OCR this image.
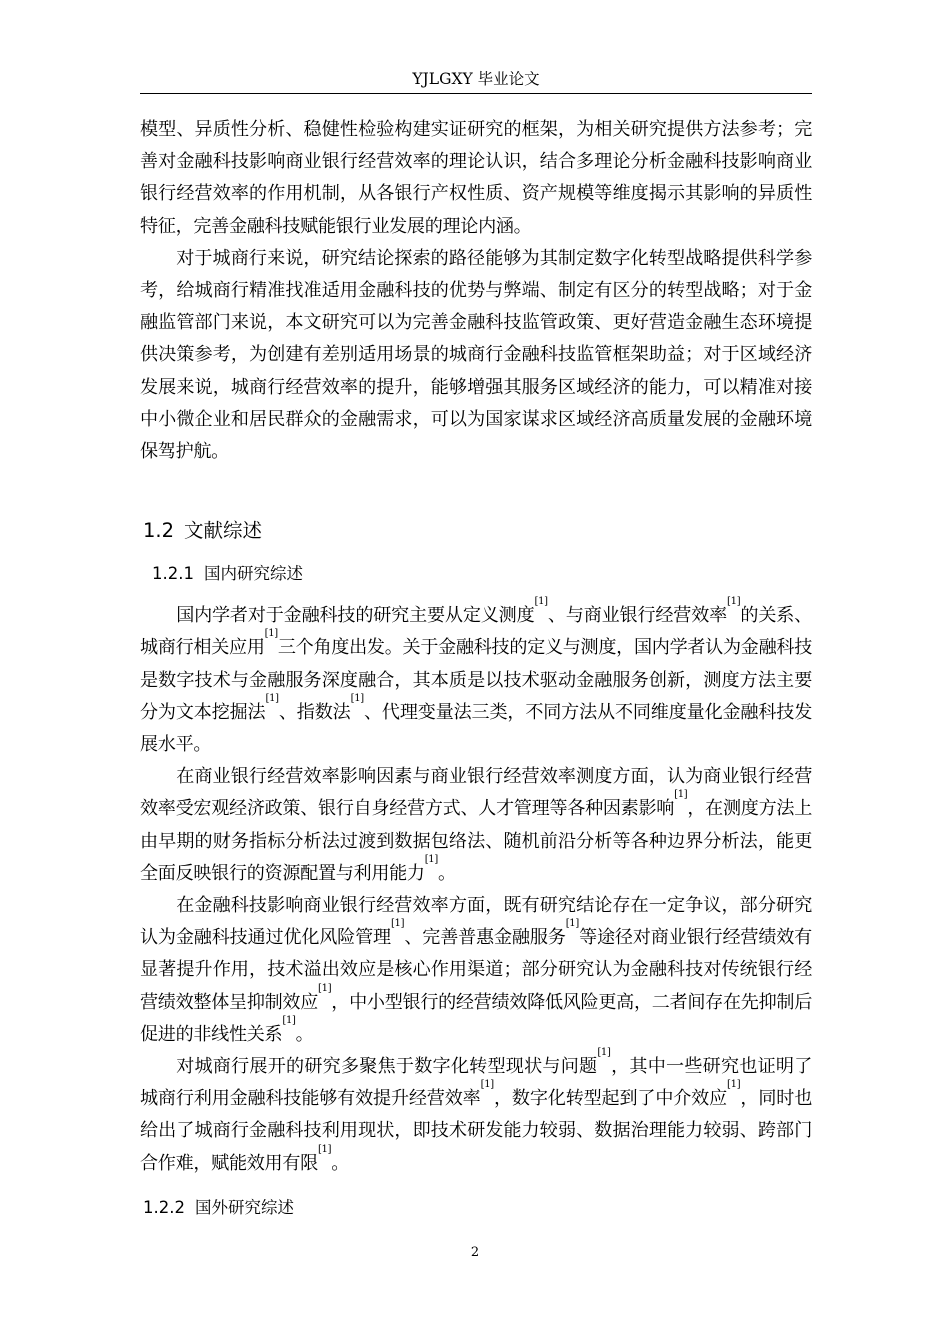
YJLGXY 毕业论文

模型、异质性分析、稳健性检验构建实证研究的框架，为相关研究提供方法参考；完善对金融科技影响商业银行经营效率的理论认识，结合多理论分析金融科技影响商业银行经营效率的作用机制，从各银行产权性质、资产规模等维度揭示其影响的异质性特征，完善金融科技赋能银行业发展的理论内涵。

对于城商行来说，研究结论探索的路径能够为其制定数字化转型战略提供科学参考，给城商行精准找准适用金融科技的优势与弊端、制定有区分的转型战略；对于金融监管部门来说，本文研究可以为完善金融科技监管政策、更好营造金融生态环境提供决策参考，为创建有差别适用场景的城商行金融科技监管框架助益；对于区域经济发展来说，城商行经营效率的提升，能够增强其服务区域经济的能力，可以精准对接中小微企业和居民群众的金融需求，可以为国家谋求区域经济高质量发展的金融环境保驾护航。

1.2 文献综述
1.2.1 国内研究综述

国内学者对于金融科技的研究主要从定义测度[1]、与商业银行经营效率[1]的关系、城商行相关应用[1]三个角度出发。关于金融科技的定义与测度，国内学者认为金融科技是数字技术与金融服务深度融合，其本质是以技术驱动金融服务创新，测度方法主要分为文本挖掘法[1]、指数法[1]、代理变量法三类，不同方法从不同维度量化金融科技发展水平。

在商业银行经营效率影响因素与商业银行经营效率测度方面，认为商业银行经营效率受宏观经济政策、银行自身经营方式、人才管理等各种因素影响[1]，在测度方法上由早期的财务指标分析法过渡到数据包络法、随机前沿分析等各种边界分析法，能更全面反映银行的资源配置与利用能力[1]。

在金融科技影响商业银行经营效率方面，既有研究结论存在一定争议，部分研究认为金融科技通过优化风险管理[1]、完善普惠金融服务[1]等途径对商业银行经营绩效有显著提升作用，技术溢出效应是核心作用渠道；部分研究认为金融科技对传统银行经营绩效整体呈抑制效应[1]，中小型银行的经营绩效降低风险更高，二者间存在先抑制后促进的非线性关系[1]。

对城商行展开的研究多聚焦于数字化转型现状与问题[1]，其中一些研究也证明了城商行利用金融科技能够有效提升经营效率[1]，数字化转型起到了中介效应[1]，同时也给出了城商行金融科技利用现状，即技术研发能力较弱、数据治理能力较弱、跨部门合作难，赋能效用有限[1]。

1.2.2 国外研究综述
2
